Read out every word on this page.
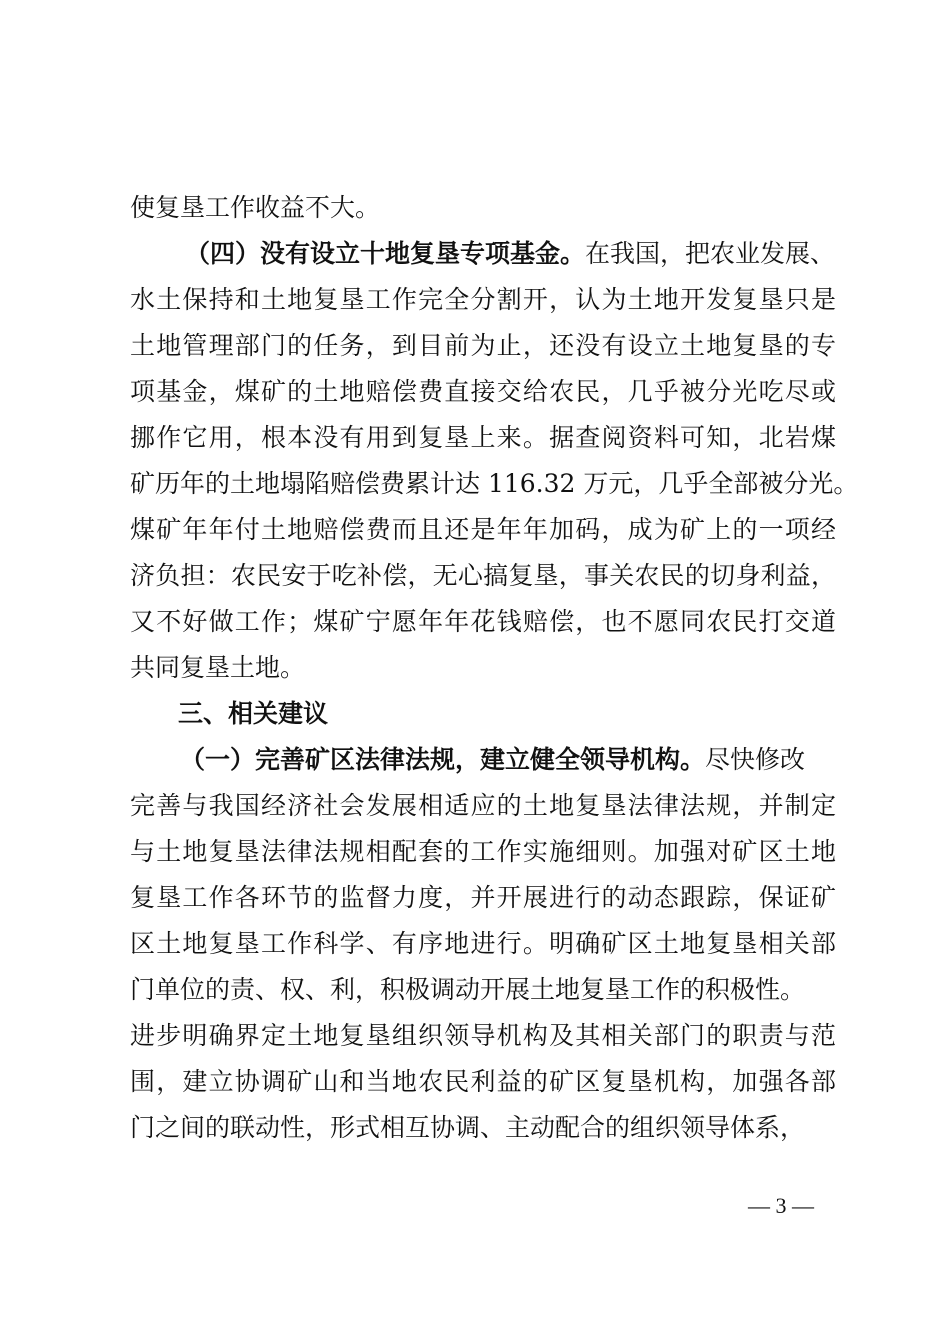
使复垦工作收益不大。
（四）没有设立十地复垦专项基金。在我国，把农业发展、
水土保持和土地复垦工作完全分割开，认为土地开发复垦只是
土地管理部门的任务，到目前为止，还没有设立土地复垦的专
项基金，煤矿的土地赔偿费直接交给农民，几乎被分光吃尽或
挪作它用，根本没有用到复垦上来。据查阅资料可知，北岩煤
矿历年的土地塌陷赔偿费累计达 116.32 万元，几乎全部被分光。
煤矿年年付土地赔偿费而且还是年年加码，成为矿上的一项经
济负担：农民安于吃补偿，无心搞复垦，事关农民的切身利益，
又不好做工作；煤矿宁愿年年花钱赔偿，也不愿同农民打交道
共同复垦土地。
三、相关建议
（一）完善矿区法律法规，建立健全领导机构。尽快修改
完善与我国经济社会发展相适应的土地复垦法律法规，并制定
与土地复垦法律法规相配套的工作实施细则。加强对矿区土地
复垦工作各环节的监督力度，并开展进行的动态跟踪，保证矿
区土地复垦工作科学、有序地进行。明确矿区土地复垦相关部
门单位的责、权、利，积极调动开展土地复垦工作的积极性。
进步明确界定土地复垦组织领导机构及其相关部门的职责与范
围，建立协调矿山和当地农民利益的矿区复垦机构，加强各部
门之间的联动性，形式相互协调、主动配合的组织领导体系，
— 3 —
